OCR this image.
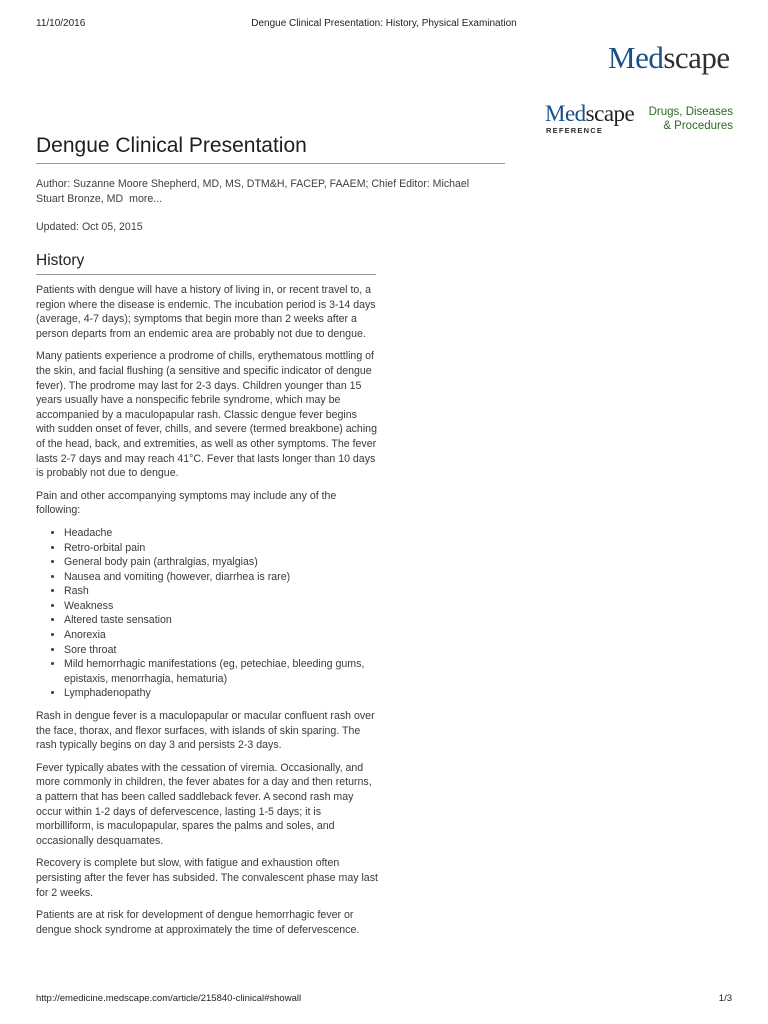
11/10/2016	Dengue Clinical Presentation: History, Physical Examination
Medscape
Medscape
REFERENCE
Drugs, Diseases
& Procedures
Dengue Clinical Presentation
Author: Suzanne Moore Shepherd, MD, MS, DTM&H, FACEP, FAAEM; Chief Editor: Michael Stuart Bronze, MD more...
Updated: Oct 05, 2015
History

Patients with dengue will have a history of living in, or recent travel to, a region where the disease is endemic. The incubation period is 3-14 days (average, 4-7 days); symptoms that begin more than 2 weeks after a person departs from an endemic area are probably not due to dengue.

Many patients experience a prodrome of chills, erythematous mottling of the skin, and facial flushing (a sensitive and specific indicator of dengue fever). The prodrome may last for 2-3 days. Children younger than 15 years usually have a nonspecific febrile syndrome, which may be accompanied by a maculopapular rash. Classic dengue fever begins with sudden onset of fever, chills, and severe (termed breakbone) aching of the head, back, and extremities, as well as other symptoms. The fever lasts 2-7 days and may reach 41°C. Fever that lasts longer than 10 days is probably not due to dengue.

Pain and other accompanying symptoms may include any of the following:

• Headache
• Retro-orbital pain
• General body pain (arthralgias, myalgias)
• Nausea and vomiting (however, diarrhea is rare)
• Rash
• Weakness
• Altered taste sensation
• Anorexia
• Sore throat
• Mild hemorrhagic manifestations (eg, petechiae, bleeding gums, epistaxis, menorrhagia, hematuria)
• Lymphadenopathy

Rash in dengue fever is a maculopapular or macular confluent rash over the face, thorax, and flexor surfaces, with islands of skin sparing. The rash typically begins on day 3 and persists 2-3 days.

Fever typically abates with the cessation of viremia. Occasionally, and more commonly in children, the fever abates for a day and then returns, a pattern that has been called saddleback fever. A second rash may occur within 1-2 days of defervescence, lasting 1-5 days; it is morbilliform, is maculopapular, spares the palms and soles, and occasionally desquamates.

Recovery is complete but slow, with fatigue and exhaustion often persisting after the fever has subsided. The convalescent phase may last for 2 weeks.

Patients are at risk for development of dengue hemorrhagic fever or dengue shock syndrome at approximately the time of defervescence.

http://emedicine.medscape.com/article/215840-clinical#showall	1/3
